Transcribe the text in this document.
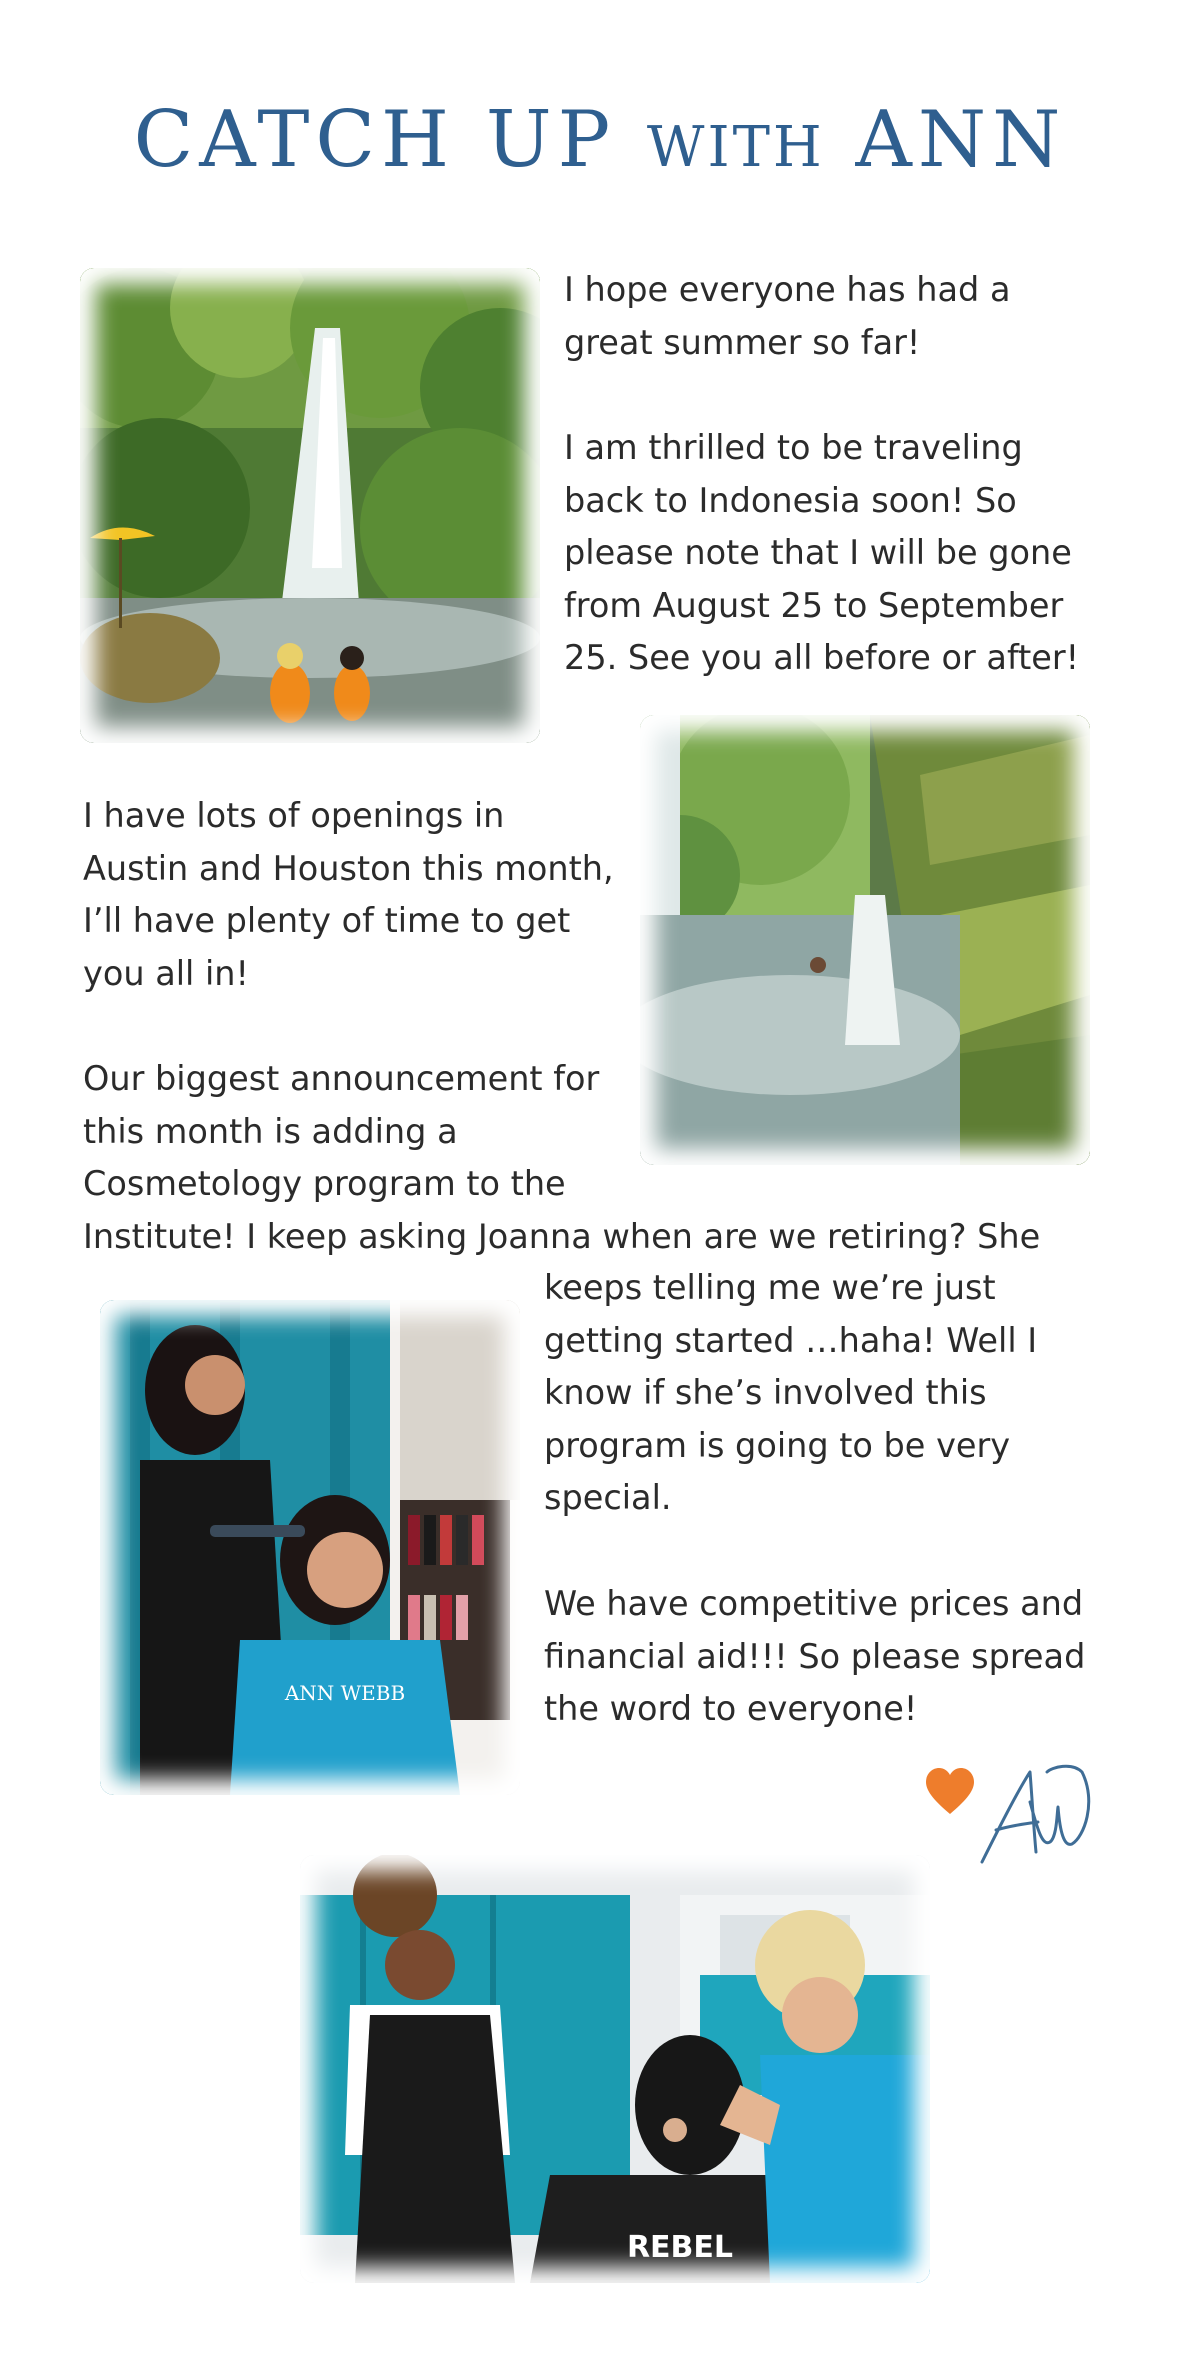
CATCH UP WITH ANN
I hope everyone has had a
great summer so far!
I am thrilled to be traveling
back to Indonesia soon! So
please note that I will be gone
from August 25 to September
25. See you all before or after!
I have lots of openings in
Austin and Houston this month,
I’ll have plenty of time to get
you all in!
Our biggest announcement for
this month is adding a
Cosmetology program to the
Institute! I keep asking Joanna when are we retiring? She
ANN WEBB
keeps telling me we’re just
getting started …haha! Well I
know if she’s involved this
program is going to be very
special.
We have competitive prices and
financial aid!!! So please spread
the word to everyone!
REBEL
